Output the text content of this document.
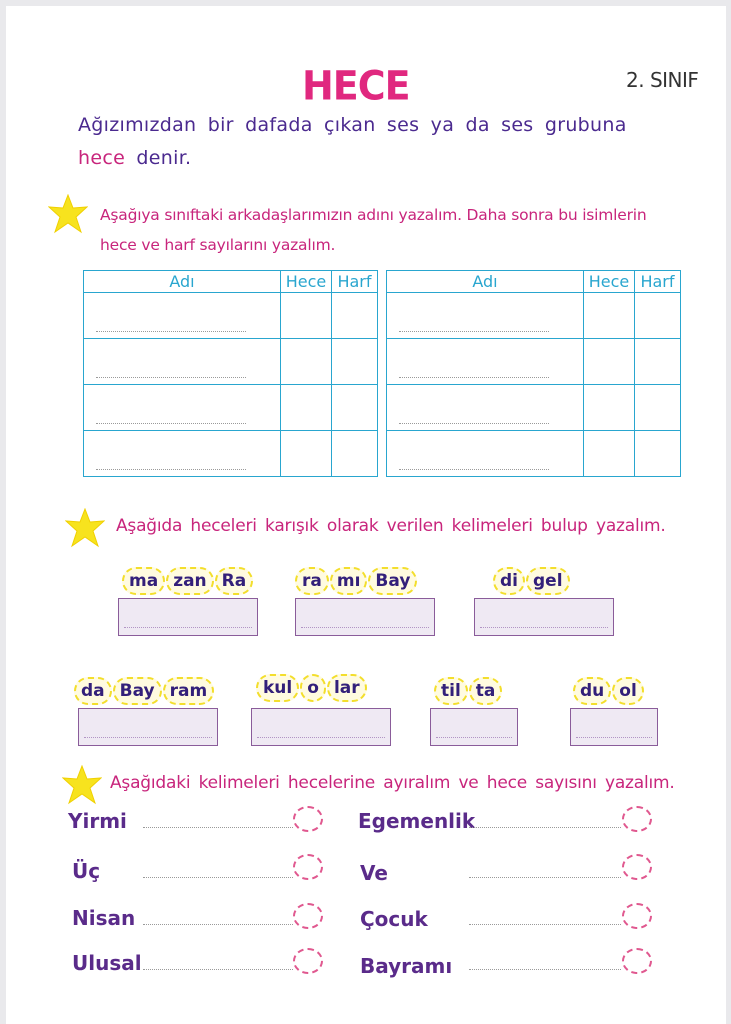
HECE	2. SINIF
Ağızımızdan bir dafada çıkan ses ya da ses grubuna
hece denir.
Aşağıya sınıftaki arkadaşlarımızın adını yazalım. Daha sonra bu isimlerin
hece ve harf sayılarını yazalım.
Adı	Hece	Harf

			Adı	Hece	Harf

Aşağıda heceleri karışık olarak verilen kelimeleri bulup yazalım.
ma zan Ra	ra mı Bay	di gel
da Bay ram	kul o lar	til ta	du ol
Aşağıdaki kelimeleri hecelerine ayıralım ve hece sayısını yazalım.
Yirmi
Üç
Nisan
Ulusal
Egemenlik
Ve
Çocuk
Bayramı
